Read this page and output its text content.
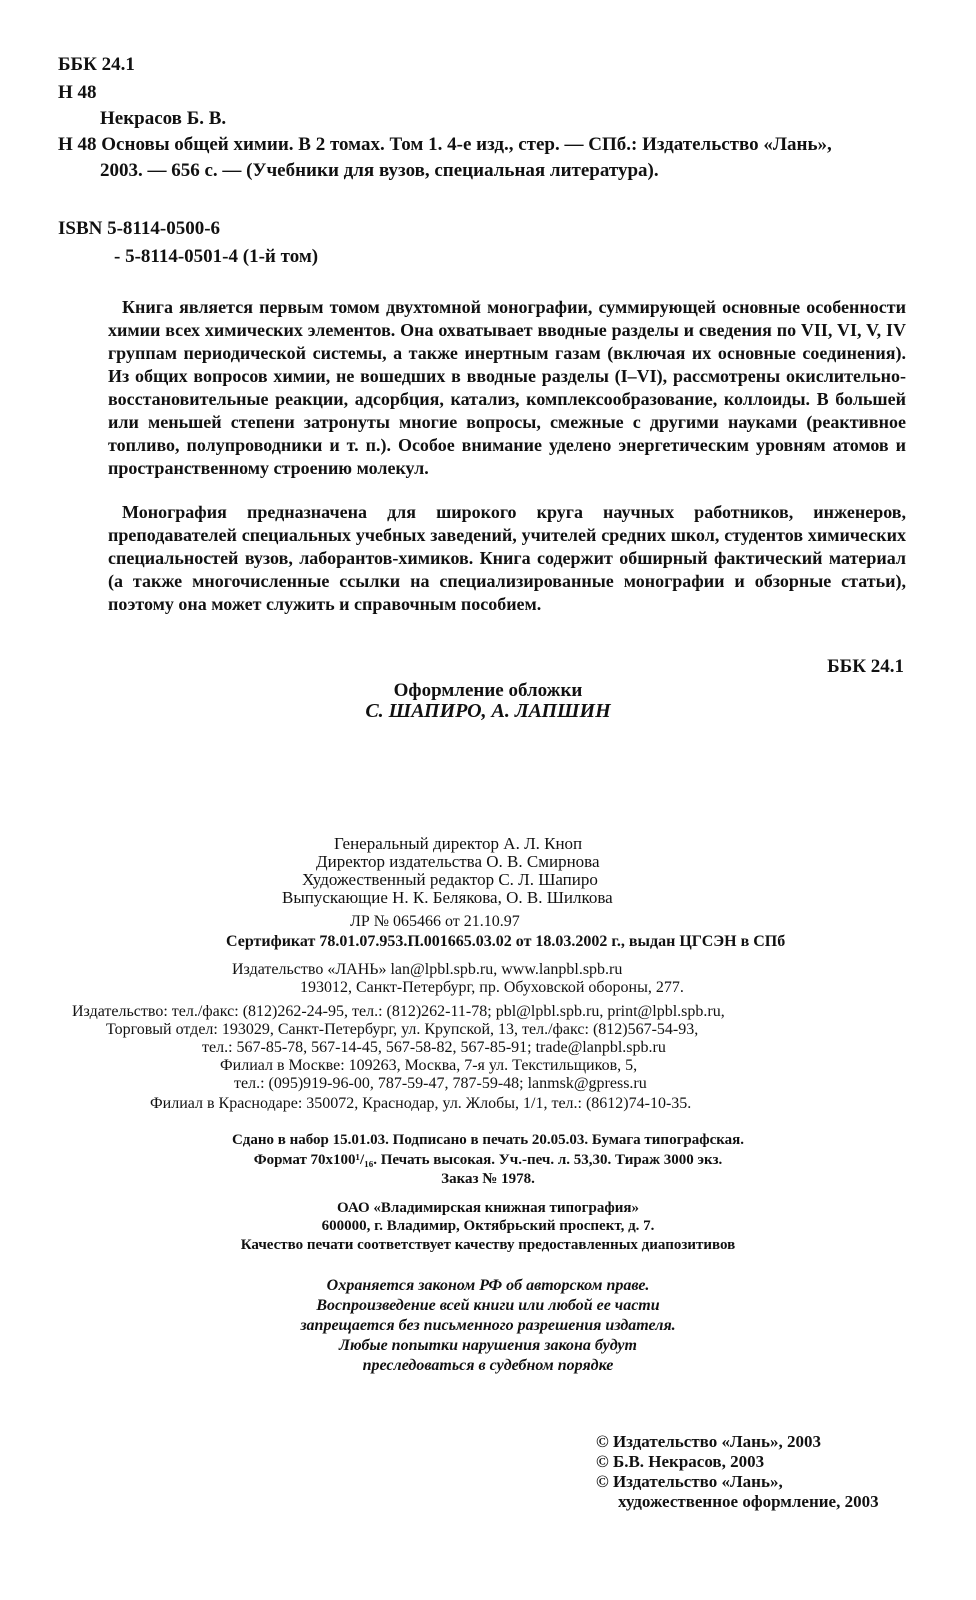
ББК 24.1
Н 48
Некрасов Б. В.
Н 48 Основы общей химии. В 2 томах. Том 1. 4-е изд., стер. — СПб.: Издательство «Лань»,
2003. — 656 с. — (Учебники для вузов, специальная литература).
ISBN 5-8114-0500-6
- 5-8114-0501-4 (1-й том)
Книга является первым томом двухтомной монографии, суммирующей основные особенности химии всех химических элементов. Она охватывает вводные разделы и сведения по VII, VI, V, IV группам периодической системы, а также инертным газам (включая их основные соединения). Из общих вопросов химии, не вошедших в вводные разделы (I–VI), рассмотрены окислительно-восстановительные реакции, адсорбция, катализ, комплексообразование, коллоиды. В большей или меньшей степени затронуты многие вопросы, смежные с другими науками (реактивное топливо, полупроводники и т. п.). Особое внимание уделено энергетическим уровням атомов и пространственному строению молекул.
Монография предназначена для широкого круга научных работников, инженеров, преподавателей специальных учебных заведений, учителей средних школ, студентов химических специальностей вузов, лаборантов-химиков. Книга содержит обширный фактический материал (а также многочисленные ссылки на специализированные монографии и обзорные статьи), поэтому она может служить и справочным пособием.
ББК 24.1
Оформление обложки
С. ШАПИРО, А. ЛАПШИН
Генеральный директор А. Л. Кноп
Директор издательства О. В. Смирнова
Художественный редактор С. Л. Шапиро
Выпускающие Н. К. Белякова, О. В. Шилкова
ЛР № 065466 от 21.10.97
Сертификат 78.01.07.953.П.001665.03.02 от 18.03.2002 г., выдан ЦГСЭН в СПб
Издательство «ЛАНЬ» lan@lpbl.spb.ru, www.lanpbl.spb.ru
193012, Санкт-Петербург, пр. Обуховской обороны, 277.
Издательство: тел./факс: (812)262-24-95, тел.: (812)262-11-78; pbl@lpbl.spb.ru, print@lpbl.spb.ru,
Торговый отдел: 193029, Санкт-Петербург, ул. Крупской, 13, тел./факс: (812)567-54-93,
тел.: 567-85-78, 567-14-45, 567-58-82, 567-85-91; trade@lanpbl.spb.ru
Филиал в Москве: 109263, Москва, 7-я ул. Текстильщиков, 5,
тел.: (095)919-96-00, 787-59-47, 787-59-48; lanmsk@gpress.ru
Филиал в Краснодаре: 350072, Краснодар, ул. Жлобы, 1/1, тел.: (8612)74-10-35.
Сдано в набор 15.01.03. Подписано в печать 20.05.03. Бумага типографская.
Формат 70х100¹/₁₆. Печать высокая. Уч.-печ. л. 53,30. Тираж 3000 экз.
Заказ № 1978.
ОАО «Владимирская книжная типография»
600000, г. Владимир, Октябрьский проспект, д. 7.
Качество печати соответствует качеству предоставленных диапозитивов
Охраняется законом РФ об авторском праве.
Воспроизведение всей книги или любой ее части
запрещается без письменного разрешения издателя.
Любые попытки нарушения закона будут
преследоваться в судебном порядке
© Издательство «Лань», 2003
© Б.В. Некрасов, 2003
© Издательство «Лань»,
художественное оформление, 2003
